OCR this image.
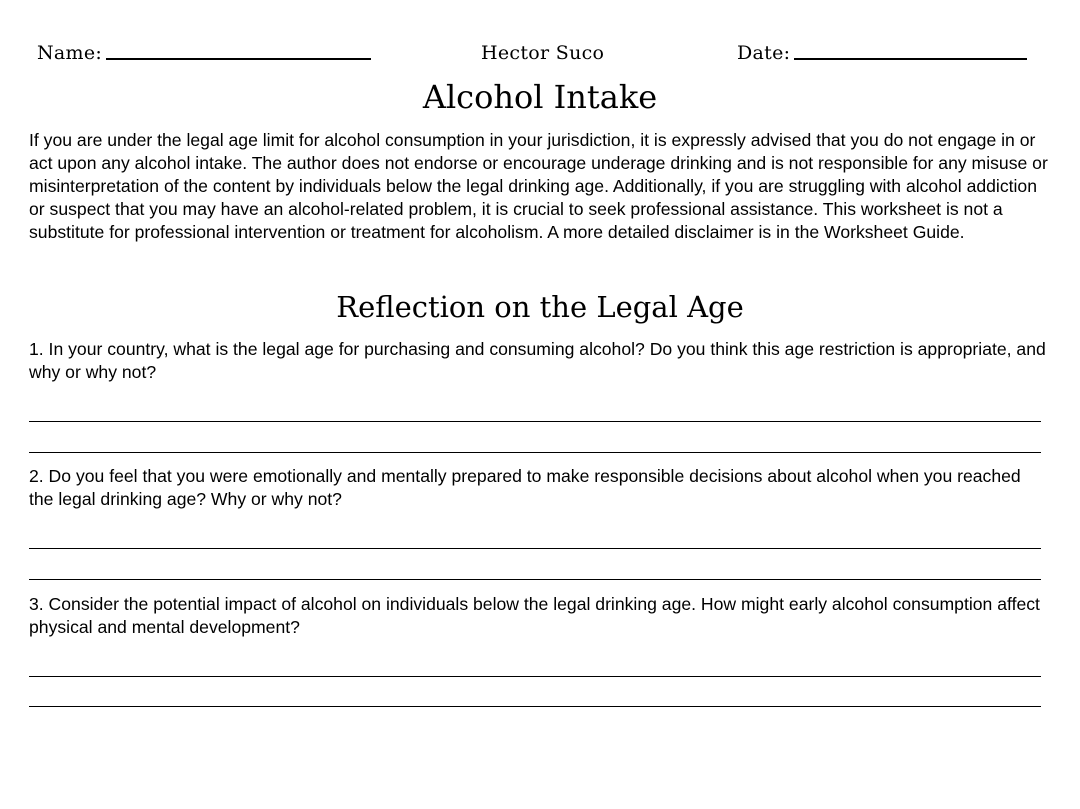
Name:	Hector Suco	Date:
Alcohol Intake

If you are under the legal age limit for alcohol consumption in your jurisdiction, it is expressly advised that you do not engage in or act upon any alcohol intake. The author does not endorse or encourage underage drinking and is not responsible for any misuse or misinterpretation of the content by individuals below the legal drinking age. Additionally, if you are struggling with alcohol addiction or suspect that you may have an alcohol-related problem, it is crucial to seek professional assistance. This worksheet is not a substitute for professional intervention or treatment for alcoholism. A more detailed disclaimer is in the Worksheet Guide.

Reflection on the Legal Age

1. In your country, what is the legal age for purchasing and consuming alcohol? Do you think this age restriction is appropriate, and why or why not?

2. Do you feel that you were emotionally and mentally prepared to make responsible decisions about alcohol when you reached the legal drinking age? Why or why not?

3. Consider the potential impact of alcohol on individuals below the legal drinking age. How might early alcohol consumption affect physical and mental development?
